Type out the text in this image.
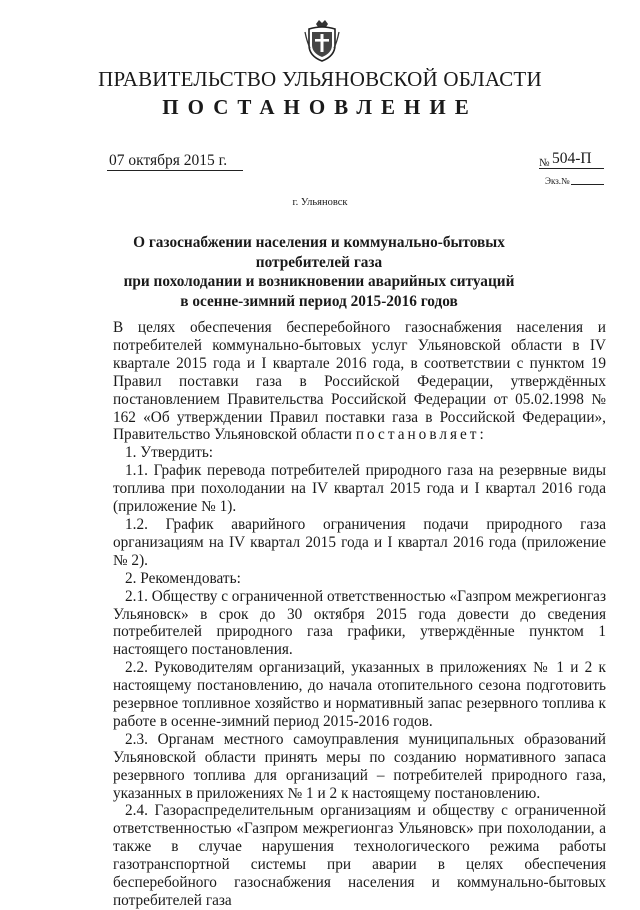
ПРАВИТЕЛЬСТВО УЛЬЯНОВСКОЙ ОБЛАСТИ
ПОСТАНОВЛЕНИЕ
07 октября 2015 г.	№ 504-П
Экз.№
г. Ульяновск
О газоснабжении населения и коммунально-бытовых потребителей газа
при похолодании и возникновении аварийных ситуаций
в осенне-зимний период 2015-2016 годов

В целях обеспечения бесперебойного газоснабжения населения и потребителей коммунально-бытовых услуг Ульяновской области в IV квартале 2015 года и I квартале 2016 года, в соответствии с пунктом 19 Правил поставки газа в Российской Федерации, утверждённых постановлением Правительства Российской Федерации от 05.02.1998 № 162 «Об утверждении Правил поставки газа в Российской Федерации», Правительство Ульяновской области постановляет:

1. Утвердить:

1.1. График перевода потребителей природного газа на резервные виды топлива при похолодании на IV квартал 2015 года и I квартал 2016 года (приложение № 1).

1.2. График аварийного ограничения подачи природного газа организациям на IV квартал 2015 года и I квартал 2016 года (приложение № 2).

2. Рекомендовать:

2.1. Обществу с ограниченной ответственностью «Газпром межрегионгаз Ульяновск» в срок до 30 октября 2015 года довести до сведения потребителей природного газа графики, утверждённые пунктом 1 настоящего постановления.

2.2. Руководителям организаций, указанных в приложениях № 1 и 2 к настоящему постановлению, до начала отопительного сезона подготовить резервное топливное хозяйство и нормативный запас резервного топлива к работе в осенне-зимний период 2015-2016 годов.

2.3. Органам местного самоуправления муниципальных образований Ульяновской области принять меры по созданию нормативного запаса резервного топлива для организаций – потребителей природного газа, указанных в приложениях № 1 и 2 к настоящему постановлению.

2.4. Газораспределительным организациям и обществу с ограниченной ответственностью «Газпром межрегионгаз Ульяновск» при похолодании, а также в случае нарушения технологического режима работы газотранспортной системы при аварии в целях обеспечения бесперебойного газоснабжения населения и коммунально-бытовых потребителей газа
